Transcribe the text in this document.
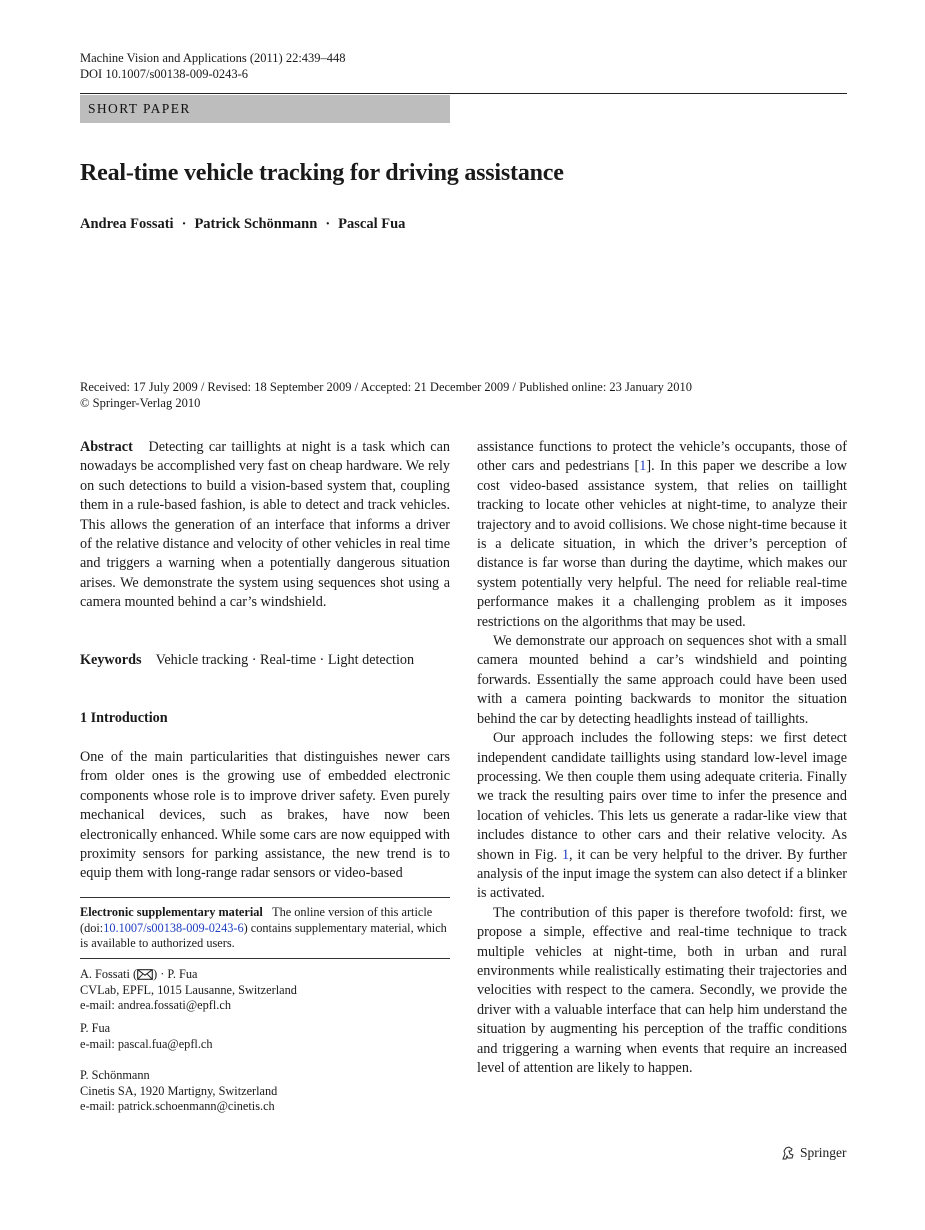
Machine Vision and Applications (2011) 22:439–448
DOI 10.1007/s00138-009-0243-6
SHORT PAPER
Real-time vehicle tracking for driving assistance
Andrea Fossati · Patrick Schönmann · Pascal Fua
Received: 17 July 2009 / Revised: 18 September 2009 / Accepted: 21 December 2009 / Published online: 23 January 2010
© Springer-Verlag 2010

Abstract Detecting car taillights at night is a task which can nowadays be accomplished very fast on cheap hardware. We rely on such detections to build a vision-based system that, coupling them in a rule-based fashion, is able to detect and track vehicles. This allows the generation of an interface that informs a driver of the relative distance and velocity of other vehicles in real time and triggers a warning when a potentially dangerous situation arises. We demonstrate the system using sequences shot using a camera mounted behind a car’s windshield.

Keywords Vehicle tracking · Real-time · Light detection

1 Introduction

One of the main particularities that distinguishes newer cars from older ones is the growing use of embedded electronic components whose role is to improve driver safety. Even purely mechanical devices, such as brakes, have now been electronically enhanced. While some cars are now equipped with proximity sensors for parking assistance, the new trend is to equip them with long-range radar sensors or video-based

Electronic supplementary material The online version of this article (doi:10.1007/s00138-009-0243-6) contains supplementary material, which is available to authorized users.
A. Fossati ( ) · P. Fua
CVLab, EPFL, 1015 Lausanne, Switzerland
e-mail: andrea.fossati@epfl.ch
P. Fua
e-mail: pascal.fua@epfl.ch
P. Schönmann
Cinetis SA, 1920 Martigny, Switzerland
e-mail: patrick.schoenmann@cinetis.ch

assistance functions to protect the vehicle’s occupants, those of other cars and pedestrians [1]. In this paper we describe a low cost video-based assistance system, that relies on taillight tracking to locate other vehicles at night-time, to analyze their trajectory and to avoid collisions. We chose night-time because it is a delicate situation, in which the driver’s perception of distance is far worse than during the daytime, which makes our system potentially very helpful. The need for reliable real-time performance makes it a challenging problem as it imposes restrictions on the algorithms that may be used.

We demonstrate our approach on sequences shot with a small camera mounted behind a car’s windshield and pointing forwards. Essentially the same approach could have been used with a camera pointing backwards to monitor the situation behind the car by detecting headlights instead of taillights.

Our approach includes the following steps: we first detect independent candidate taillights using standard low-level image processing. We then couple them using adequate criteria. Finally we track the resulting pairs over time to infer the presence and location of vehicles. This lets us generate a radar-like view that includes distance to other cars and their relative velocity. As shown in Fig. 1, it can be very helpful to the driver. By further analysis of the input image the system can also detect if a blinker is activated.

The contribution of this paper is therefore twofold: first, we propose a simple, effective and real-time technique to track multiple vehicles at night-time, both in urban and rural environments while realistically estimating their trajectories and velocities with respect to the camera. Secondly, we provide the driver with a valuable interface that can help him understand the situation by augmenting his perception of the traffic conditions and triggering a warning when events that require an increased level of attention are likely to happen.

Springer
